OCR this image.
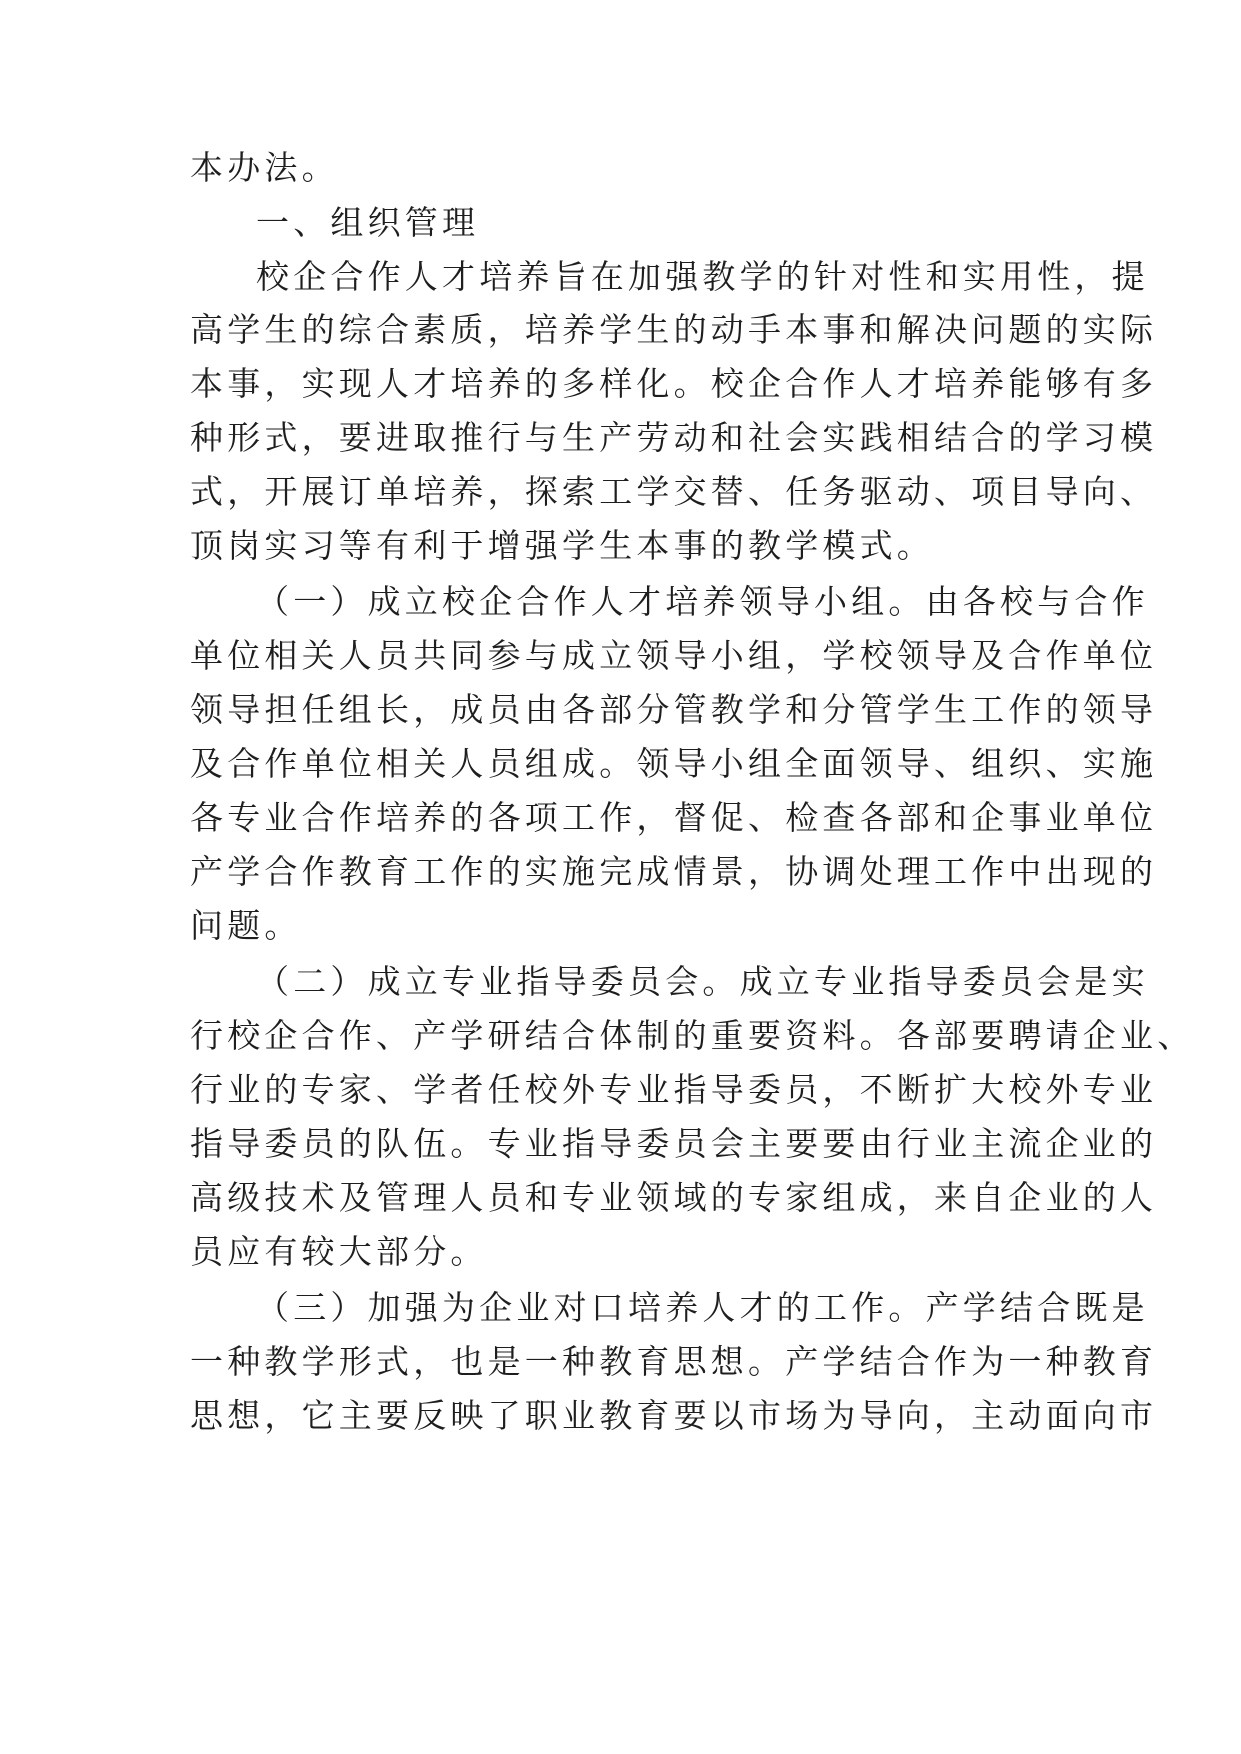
本办法。
一、组织管理
校企合作人才培养旨在加强教学的针对性和实用性，提
高学生的综合素质，培养学生的动手本事和解决问题的实际
本事，实现人才培养的多样化。校企合作人才培养能够有多
种形式，要进取推行与生产劳动和社会实践相结合的学习模
式，开展订单培养，探索工学交替、任务驱动、项目导向、
顶岗实习等有利于增强学生本事的教学模式。
（一）成立校企合作人才培养领导小组。由各校与合作
单位相关人员共同参与成立领导小组，学校领导及合作单位
领导担任组长，成员由各部分管教学和分管学生工作的领导
及合作单位相关人员组成。领导小组全面领导、组织、实施
各专业合作培养的各项工作，督促、检查各部和企事业单位
产学合作教育工作的实施完成情景，协调处理工作中出现的
问题。
（二）成立专业指导委员会。成立专业指导委员会是实
行校企合作、产学研结合体制的重要资料。各部要聘请企业、
行业的专家、学者任校外专业指导委员，不断扩大校外专业
指导委员的队伍。专业指导委员会主要要由行业主流企业的
高级技术及管理人员和专业领域的专家组成，来自企业的人
员应有较大部分。
（三）加强为企业对口培养人才的工作。产学结合既是
一种教学形式，也是一种教育思想。产学结合作为一种教育
思想，它主要反映了职业教育要以市场为导向，主动面向市
